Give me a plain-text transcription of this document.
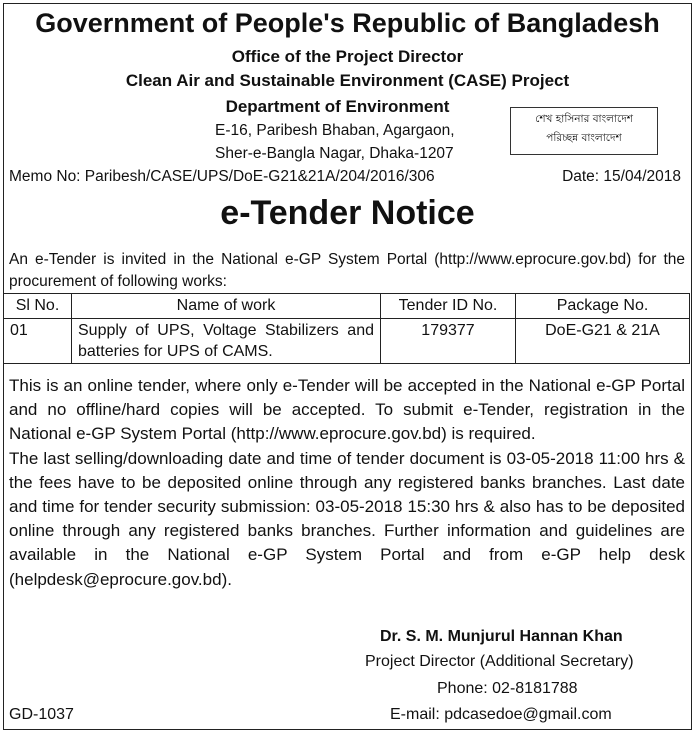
Government of People's Republic of Bangladesh
Office of the Project Director
Clean Air and Sustainable Environment (CASE) Project
Department of Environment
E-16, Paribesh Bhaban, Agargaon,
Sher-e-Bangla Nagar, Dhaka-1207
শেখ হাসিনার বাংলাদেশ
পরিচ্ছন্ন বাংলাদেশ
Memo No: Paribesh/CASE/UPS/DoE-G21&21A/204/2016/306	Date: 15/04/2018
e-Tender Notice
An e-Tender is invited in the National e-GP System Portal (http://www.eprocure.gov.bd) for the procurement of following works:
Sl No.	Name of work	Tender ID No.	Package No.
01	Supply of UPS, Voltage Stabilizers and batteries for UPS of CAMS.	179377	DoE-G21 & 21A

This is an online tender, where only e-Tender will be accepted in the National e-GP Portal and no offline/hard copies will be accepted. To submit e-Tender, registration in the National e-GP System Portal (http://www.eprocure.gov.bd) is required.

The last selling/downloading date and time of tender document is 03-05-2018 11:00 hrs & the fees have to be deposited online through any registered banks branches. Last date and time for tender security submission: 03-05-2018 15:30 hrs & also has to be deposited online through any registered banks branches. Further information and guidelines are available in the National e-GP System Portal and from e-GP help desk (helpdesk@eprocure.gov.bd).

Dr. S. M. Munjurul Hannan Khan
Project Director (Additional Secretary)
Phone: 02-8181788
E-mail: pdcasedoe@gmail.com
GD-1037
